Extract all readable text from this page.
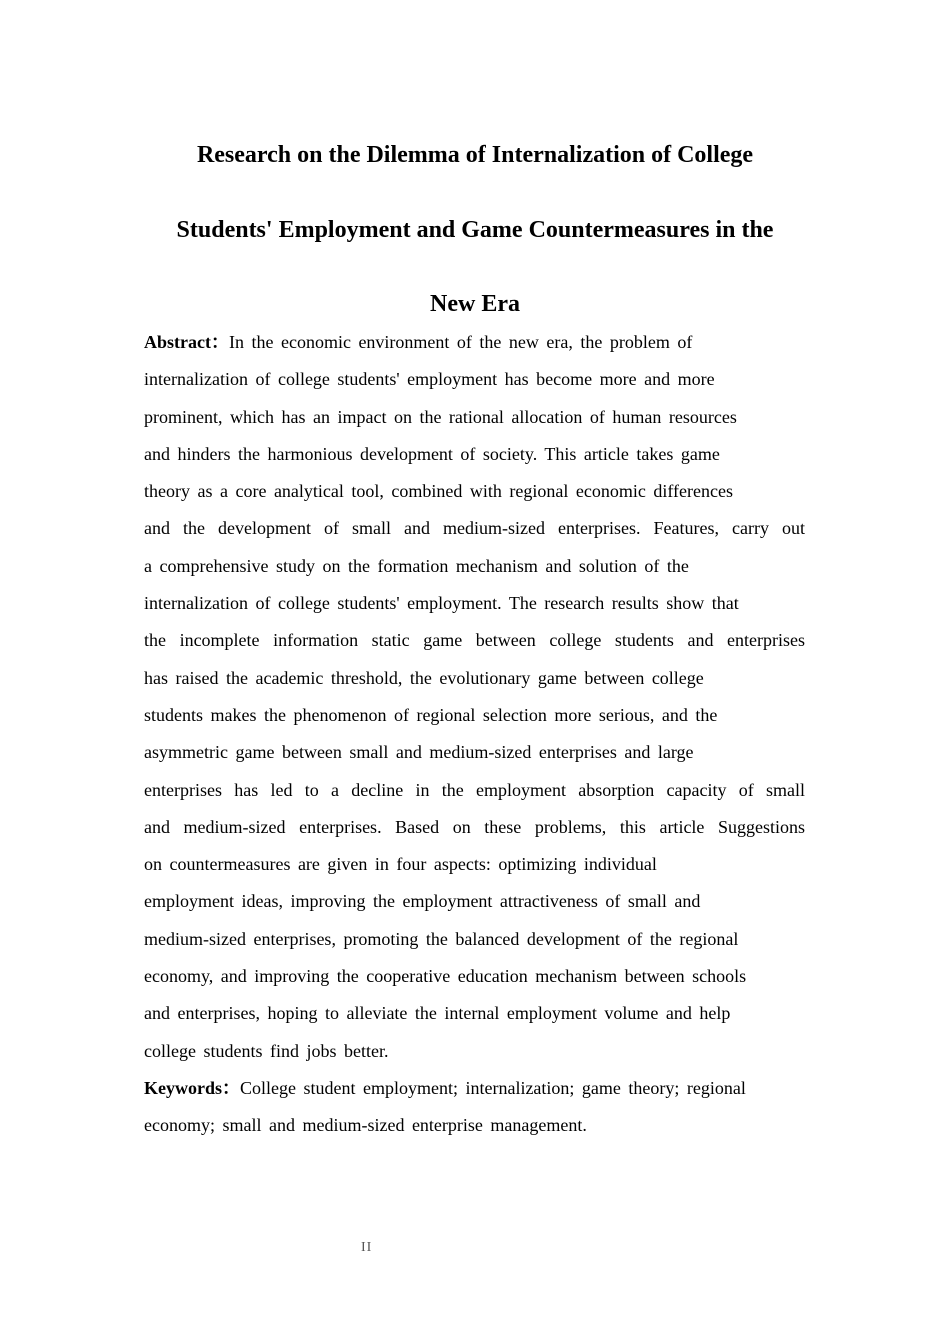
Research on the Dilemma of Internalization of College
Students' Employment and Game Countermeasures in the
New Era
Abstract：In the economic environment of the new era, the problem of
internalization of college students' employment has become more and more
prominent, which has an impact on the rational allocation of human resources
and hinders the harmonious development of society. This article takes game
theory as a core analytical tool, combined with regional economic differences
and the development of small and medium-sized enterprises. Features, carry out
a comprehensive study on the formation mechanism and solution of the
internalization of college students' employment. The research results show that
the incomplete information static game between college students and enterprises
has raised the academic threshold, the evolutionary game between college
students makes the phenomenon of regional selection more serious, and the
asymmetric game between small and medium-sized enterprises and large
enterprises has led to a decline in the employment absorption capacity of small
and medium-sized enterprises. Based on these problems, this article Suggestions
on countermeasures are given in four aspects: optimizing individual
employment ideas, improving the employment attractiveness of small and
medium-sized enterprises, promoting the balanced development of the regional
economy, and improving the cooperative education mechanism between schools
and enterprises, hoping to alleviate the internal employment volume and help
college students find jobs better.
Keywords：College student employment; internalization; game theory; regional
economy; small and medium-sized enterprise management.
II
